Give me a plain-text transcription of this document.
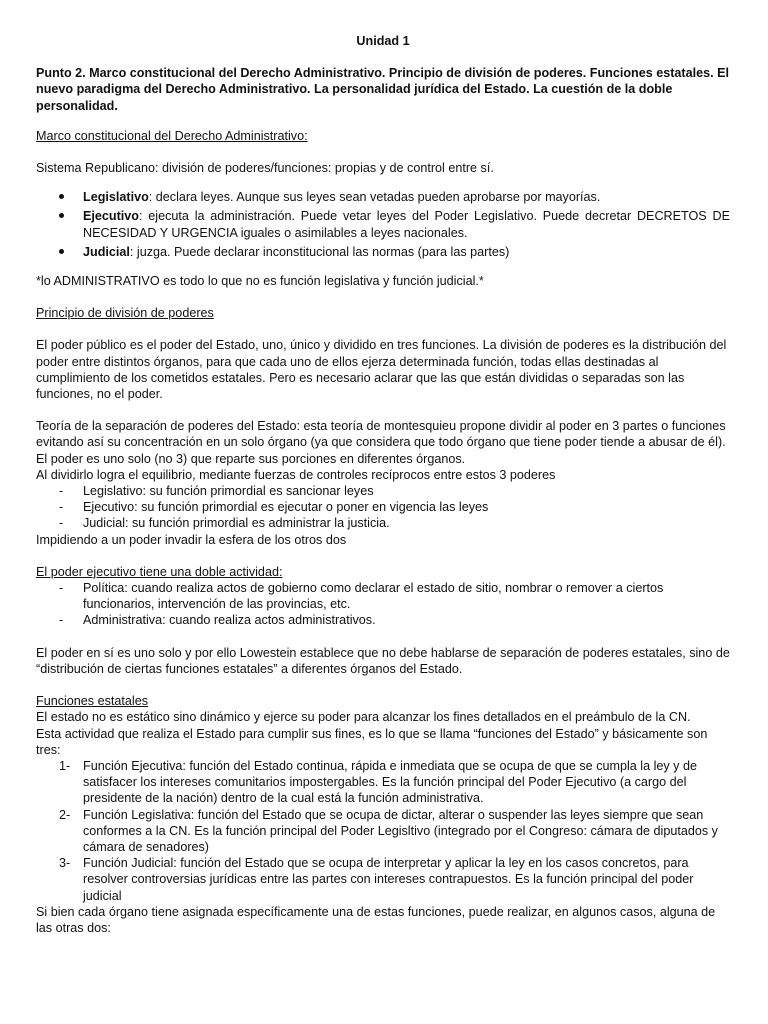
Unidad 1

Punto 2. Marco constitucional del Derecho Administrativo. Principio de división de poderes. Funciones estatales. El nuevo paradigma del Derecho Administrativo. La personalidad jurídica del Estado. La cuestión de la doble personalidad.

Marco constitucional del Derecho Administrativo:

Sistema Republicano: división de poderes/funciones: propias y de control entre sí.

Legislativo: declara leyes. Aunque sus leyes sean vetadas pueden aprobarse por mayorías.
Ejecutivo: ejecuta la administración. Puede vetar leyes del Poder Legislativo. Puede decretar DECRETOS DE NECESIDAD Y URGENCIA iguales o asimilables a leyes nacionales.
Judicial: juzga. Puede declarar inconstitucional las normas (para las partes)

*lo ADMINISTRATIVO es todo lo que no es función legislativa y función judicial.*

Principio de división de poderes

El poder público es el poder del Estado, uno, único y dividido en tres funciones. La división de poderes es la distribución del poder entre distintos órganos, para que cada uno de ellos ejerza determinada función, todas ellas destinadas al cumplimiento de los cometidos estatales. Pero es necesario aclarar que las que están divididas o separadas son las funciones, no el poder.

Teoría de la separación de poderes del Estado: esta teoría de montesquieu propone dividir al poder en 3 partes o funciones evitando así su concentración en un solo órgano (ya que considera que todo órgano que tiene poder tiende a abusar de él). El poder es uno solo (no 3) que reparte sus porciones en diferentes órganos.

Al dividirlo logra el equilibrio, mediante fuerzas de controles recíprocos entre estos 3 poderes

- Legislativo: su función primordial es sancionar leyes
- Ejecutivo: su función primordial es ejecutar o poner en vigencia las leyes
- Judicial: su función primordial es administrar la justicia.

Impidiendo a un poder invadir la esfera de los otros dos

El poder ejecutivo tiene una doble actividad:

- Política: cuando realiza actos de gobierno como declarar el estado de sitio, nombrar o remover a ciertos funcionarios, intervención de las provincias, etc.
- Administrativa: cuando realiza actos administrativos.

El poder en sí es uno solo y por ello Lowestein establece que no debe hablarse de separación de poderes estatales, sino de “distribución de ciertas funciones estatales” a diferentes órganos del Estado.

Funciones estatales

El estado no es estático sino dinámico y ejerce su poder para alcanzar los fines detallados en el preámbulo de la CN.

Esta actividad que realiza el Estado para cumplir sus fines, es lo que se llama “funciones del Estado” y básicamente son tres:

1- Función Ejecutiva: función del Estado continua, rápida e inmediata que se ocupa de que se cumpla la ley y de satisfacer los intereses comunitarios impostergables. Es la función principal del Poder Ejecutivo (a cargo del presidente de la nación) dentro de la cual está la función administrativa.
2- Función Legislativa: función del Estado que se ocupa de dictar, alterar o suspender las leyes siempre que sean conformes a la CN. Es la función principal del Poder Legisltivo (integrado por el Congreso: cámara de diputados y cámara de senadores)
3- Función Judicial: función del Estado que se ocupa de interpretar y aplicar la ley en los casos concretos, para resolver controversias jurídicas entre las partes con intereses contrapuestos. Es la función principal del poder judicial

Si bien cada órgano tiene asignada específicamente una de estas funciones, puede realizar, en algunos casos, alguna de las otras dos:
